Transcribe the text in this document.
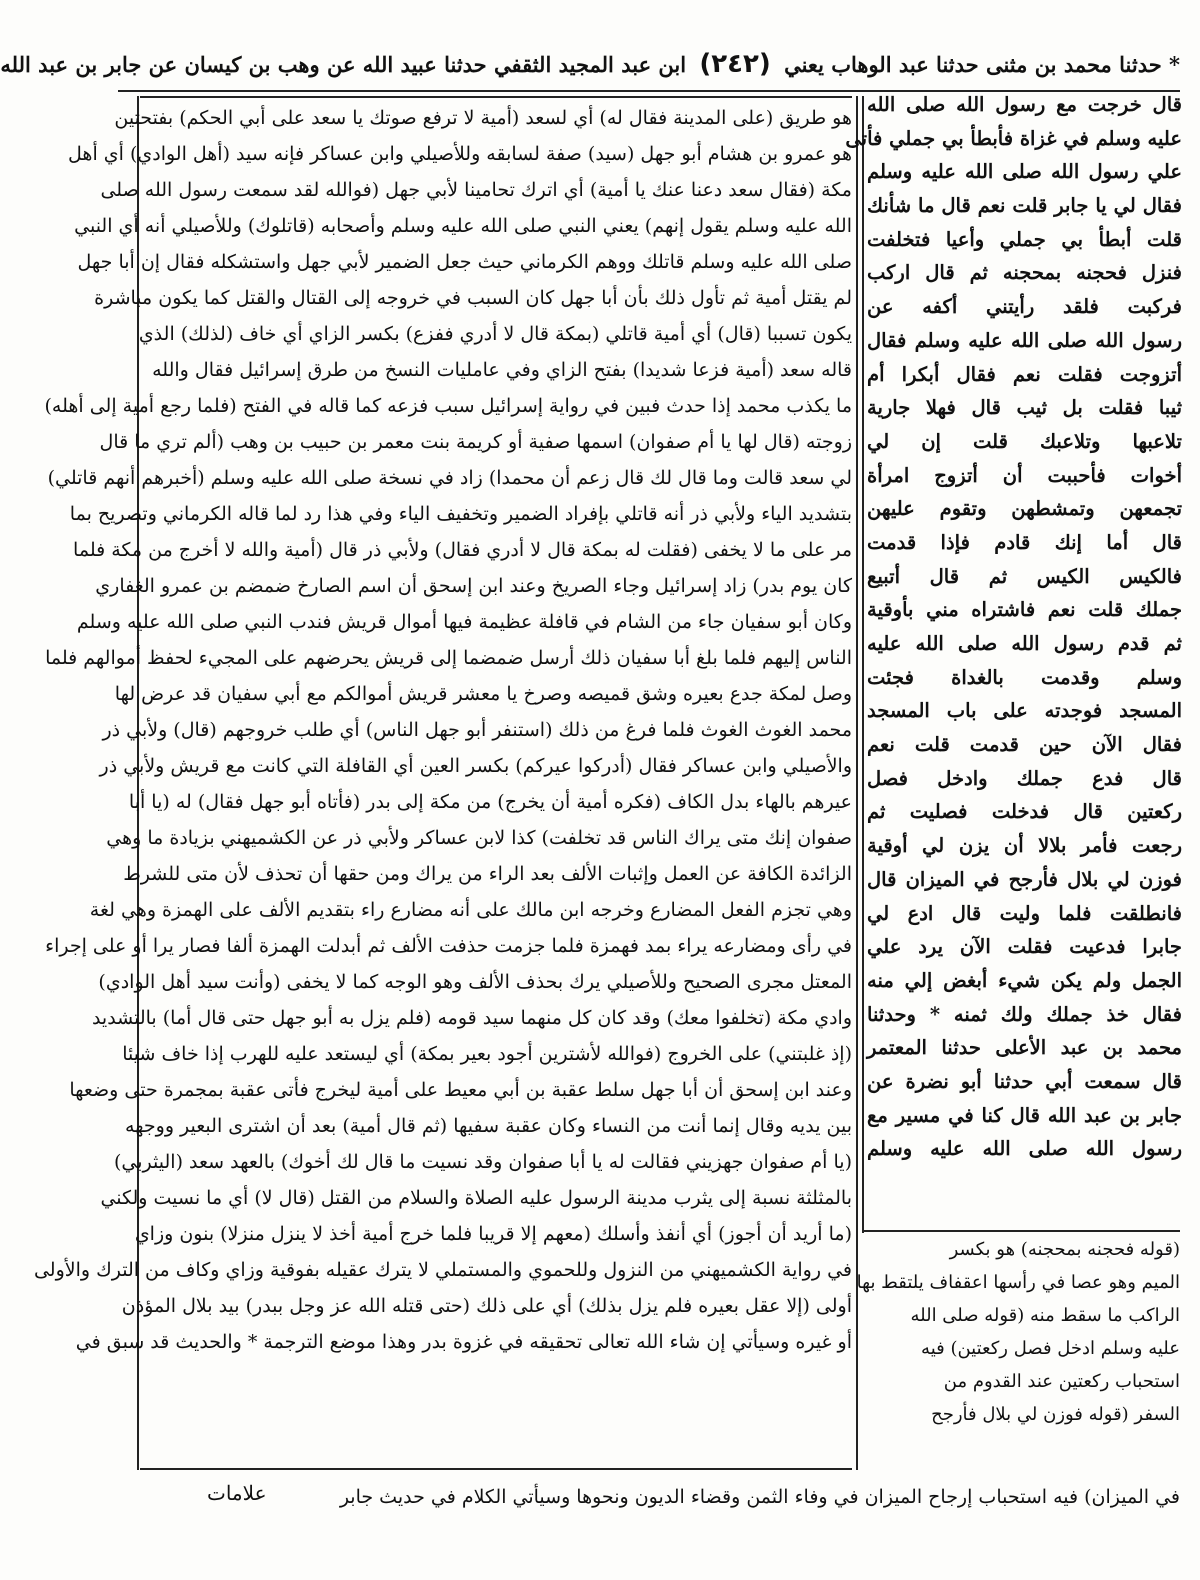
* حدثنا محمد بن مثنى حدثنا عبد الوهاب يعني (٢٤٢) ابن عبد المجيد الثقفي حدثنا عبيد الله عن وهب بن كيسان عن جابر بن عبد الله

قال خرجت مع رسول الله صلى الله

عليه وسلم في غزاة فأبطأ بي جملي فأتى

علي رسول الله صلى الله عليه وسلم

فقال لي يا جابر قلت نعم قال ما شأنك

قلت أبطأ بي جملي وأعيا فتخلفت

فنزل فحجنه بمحجنه ثم قال اركب

فركبت فلقد رأيتني أكفه عن

رسول الله صلى الله عليه وسلم فقال

أتزوجت فقلت نعم فقال أبكرا أم

ثيبا فقلت بل ثيب قال فهلا جارية

تلاعبها وتلاعبك قلت إن لي

أخوات فأحببت أن أتزوج امرأة

تجمعهن وتمشطهن وتقوم عليهن

قال أما إنك قادم فإذا قدمت

فالكيس الكيس ثم قال أتبيع

جملك قلت نعم فاشتراه مني بأوقية

ثم قدم رسول الله صلى الله عليه

وسلم وقدمت بالغداة فجئت

المسجد فوجدته على باب المسجد

فقال الآن حين قدمت قلت نعم

قال فدع جملك وادخل فصل

ركعتين قال فدخلت فصليت ثم

رجعت فأمر بلالا أن يزن لي أوقية

فوزن لي بلال فأرجح في الميزان قال

فانطلقت فلما وليت قال ادع لي

جابرا فدعيت فقلت الآن يرد علي

الجمل ولم يكن شيء أبغض إلي منه

فقال خذ جملك ولك ثمنه * وحدثنا

محمد بن عبد الأعلى حدثنا المعتمر

قال سمعت أبي حدثنا أبو نضرة عن

جابر بن عبد الله قال كنا في مسير مع

رسول الله صلى الله عليه وسلم

هو طريق (على المدينة فقال له) أي لسعد (أمية لا ترفع صوتك يا سعد على أبي الحكم) بفتحتين

هو عمرو بن هشام أبو جهل (سيد) صفة لسابقه وللأصيلي وابن عساكر فإنه سيد (أهل الوادي) أي أهل

مكة (فقال سعد دعنا عنك يا أمية) أي اترك تحامينا لأبي جهل (فوالله لقد سمعت رسول الله صلى

الله عليه وسلم يقول إنهم) يعني النبي صلى الله عليه وسلم وأصحابه (قاتلوك) وللأصيلي أنه أي النبي

صلى الله عليه وسلم قاتلك ووهم الكرماني حيث جعل الضمير لأبي جهل واستشكله فقال إن أبا جهل

لم يقتل أمية ثم تأول ذلك بأن أبا جهل كان السبب في خروجه إلى القتال والقتل كما يكون مباشرة

يكون تسببا (قال) أي أمية قاتلي (بمكة قال لا أدري ففزع) بكسر الزاي أي خاف (لذلك) الذي

قاله سعد (أمية فزعا شديدا) بفتح الزاي وفي عامليات النسخ من طرق إسرائيل فقال والله

ما يكذب محمد إذا حدث فبين في رواية إسرائيل سبب فزعه كما قاله في الفتح (فلما رجع أمية إلى أهله)

زوجته (قال لها يا أم صفوان) اسمها صفية أو كريمة بنت معمر بن حبيب بن وهب (ألم تري ما قال

لي سعد قالت وما قال لك قال زعم أن محمدا) زاد في نسخة صلى الله عليه وسلم (أخبرهم أنهم قاتلي)

بتشديد الياء ولأبي ذر أنه قاتلي بإفراد الضمير وتخفيف الياء وفي هذا رد لما قاله الكرماني وتصريح بما

مر على ما لا يخفى (فقلت له بمكة قال لا أدري فقال) ولأبي ذر قال (أمية والله لا أخرج من مكة فلما

كان يوم بدر) زاد إسرائيل وجاء الصريخ وعند ابن إسحق أن اسم الصارخ ضمضم بن عمرو الغفاري

وكان أبو سفيان جاء من الشام في قافلة عظيمة فيها أموال قريش فندب النبي صلى الله عليه وسلم

الناس إليهم فلما بلغ أبا سفيان ذلك أرسل ضمضما إلى قريش يحرضهم على المجيء لحفظ أموالهم فلما

وصل لمكة جدع بعيره وشق قميصه وصرخ يا معشر قريش أموالكم مع أبي سفيان قد عرض لها

محمد الغوث الغوث فلما فرغ من ذلك (استنفر أبو جهل الناس) أي طلب خروجهم (قال) ولأبي ذر

والأصيلي وابن عساكر فقال (أدركوا عيركم) بكسر العين أي القافلة التي كانت مع قريش ولأبي ذر

عيرهم بالهاء بدل الكاف (فكره أمية أن يخرج) من مكة إلى بدر (فأتاه أبو جهل فقال) له (يا أبا

صفوان إنك متى يراك الناس قد تخلفت) كذا لابن عساكر ولأبي ذر عن الكشميهني بزيادة ما وهي

الزائدة الكافة عن العمل وإثبات الألف بعد الراء من يراك ومن حقها أن تحذف لأن متى للشرط

وهي تجزم الفعل المضارع وخرجه ابن مالك على أنه مضارع راء بتقديم الألف على الهمزة وهي لغة

في رأى ومضارعه يراء بمد فهمزة فلما جزمت حذفت الألف ثم أبدلت الهمزة ألفا فصار يرا أو على إجراء

المعتل مجرى الصحيح وللأصيلي يرك بحذف الألف وهو الوجه كما لا يخفى (وأنت سيد أهل الوادي)

وادي مكة (تخلفوا معك) وقد كان كل منهما سيد قومه (فلم يزل به أبو جهل حتى قال أما) بالتشديد

(إذ غلبتني) على الخروج (فوالله لأشترين أجود بعير بمكة) أي ليستعد عليه للهرب إذا خاف شيئا

وعند ابن إسحق أن أبا جهل سلط عقبة بن أبي معيط على أمية ليخرج فأتى عقبة بمجمرة حتى وضعها

بين يديه وقال إنما أنت من النساء وكان عقبة سفيها (ثم قال أمية) بعد أن اشترى البعير ووجهه

(يا أم صفوان جهزيني فقالت له يا أبا صفوان وقد نسيت ما قال لك أخوك) بالعهد سعد (اليثربي)

بالمثلثة نسبة إلى يثرب مدينة الرسول عليه الصلاة والسلام من القتل (قال لا) أي ما نسيت ولكني

(ما أريد أن أجوز) أي أنفذ وأسلك (معهم إلا قريبا فلما خرج أمية أخذ لا ينزل منزلا) بنون وزاي

في رواية الكشميهني من النزول وللحموي والمستملي لا يترك عقيله بفوقية وزاي وكاف من الترك والأولى

أولى (إلا عقل بعيره فلم يزل بذلك) أي على ذلك (حتى قتله الله عز وجل ببدر) بيد بلال المؤذن

أو غيره وسيأتي إن شاء الله تعالى تحقيقه في غزوة بدر وهذا موضع الترجمة * والحديث قد سبق في

(قوله فحجنه بمحجنه) هو بكسر

الميم وهو عصا في رأسها اعقفاف يلتقط بها

الراكب ما سقط منه (قوله صلى الله

عليه وسلم ادخل فصل ركعتين) فيه

استحباب ركعتين عند القدوم من

السفر (قوله فوزن لي بلال فأرجح

في الميزان) فيه استحباب إرجاح الميزان في وفاء الثمن وقضاء الديون ونحوها وسيأتي الكلام في حديث جابر
علامات
